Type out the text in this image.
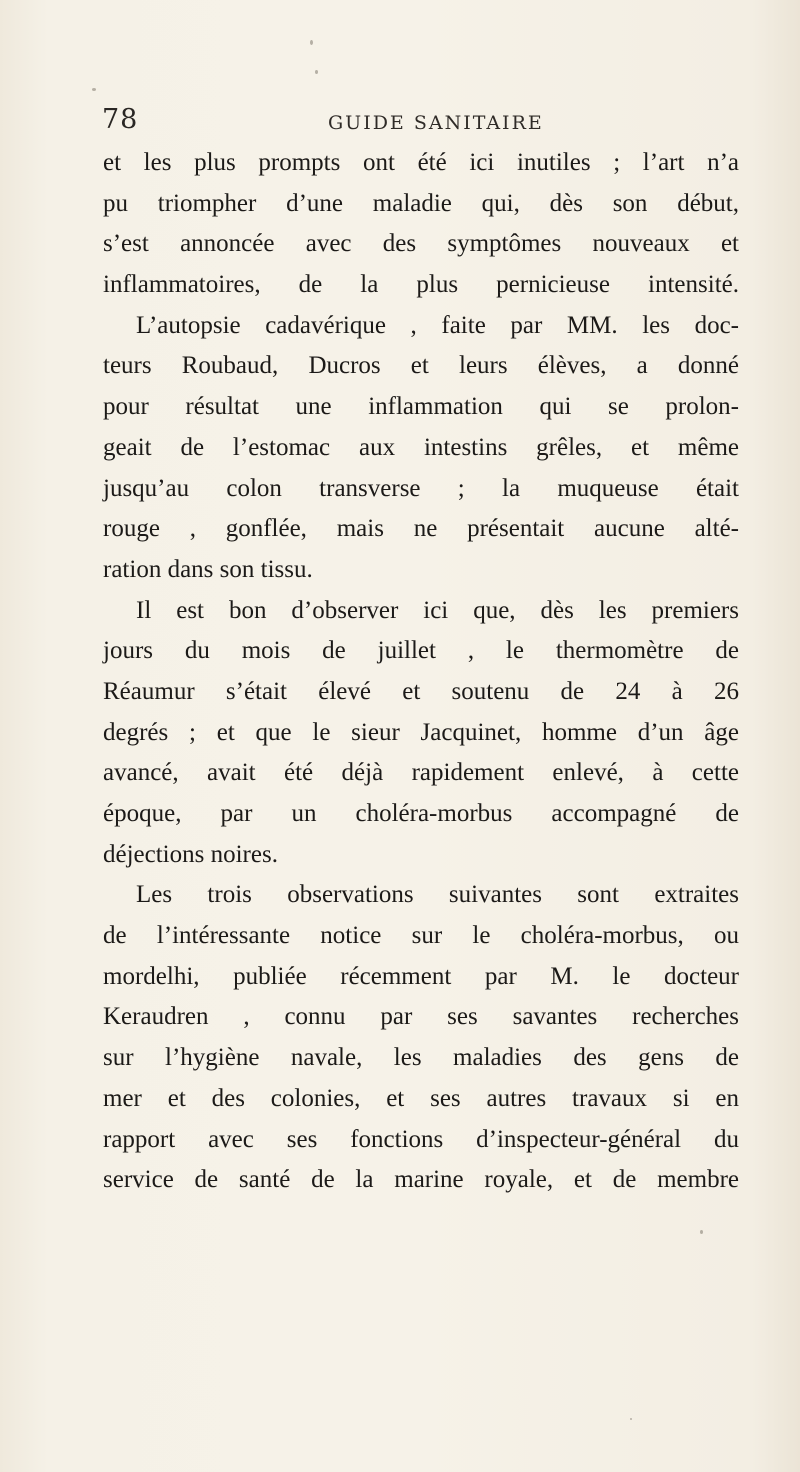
78	GUIDE SANITAIRE
et les plus prompts ont été ici inutiles ; l’art n’a
pu triompher d’une maladie qui, dès son début,
s’est annoncée avec des symptômes nouveaux et
inflammatoires, de la plus pernicieuse intensité.
L’autopsie cadavérique , faite par MM. les doc-
teurs Roubaud, Ducros et leurs élèves, a donné
pour résultat une inflammation qui se prolon-
geait de l’estomac aux intestins grêles, et même
jusqu’au colon transverse ; la muqueuse était
rouge , gonflée, mais ne présentait aucune alté-
ration dans son tissu.
Il est bon d’observer ici que, dès les premiers
jours du mois de juillet , le thermomètre de
Réaumur s’était élevé et soutenu de 24 à 26
degrés ; et que le sieur Jacquinet, homme d’un âge
avancé, avait été déjà rapidement enlevé, à cette
époque, par un choléra-morbus accompagné de
déjections noires.
Les trois observations suivantes sont extraites
de l’intéressante notice sur le choléra-morbus, ou
mordelhi, publiée récemment par M. le docteur
Keraudren , connu par ses savantes recherches
sur l’hygiène navale, les maladies des gens de
mer et des colonies, et ses autres travaux si en
rapport avec ses fonctions d’inspecteur-général du
service de santé de la marine royale, et de membre
